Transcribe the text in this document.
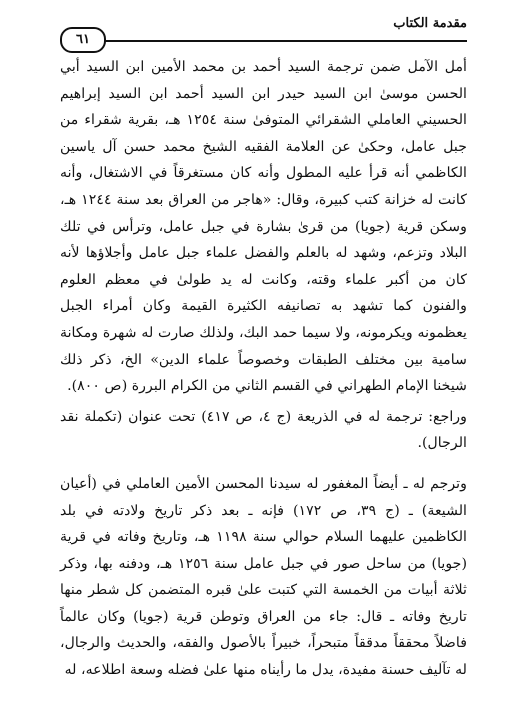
مقدمة الكتاب
٦١

أمل الآمل ضمن ترجمة السيد أحمد بن محمد الأمين ابن السيد أبي الحسن موسىٰ ابن السيد حيدر ابن السيد أحمد ابن السيد إبراهيم الحسيني العاملي الشقرائي المتوفىٰ سنة ١٢٥٤ هـ، بقرية شقراء من جبل عامل، وحكىٰ عن العلامة الفقيه الشيخ محمد حسن آل ياسين الكاظمي أنه قرأ عليه المطول وأنه كان مستغرقاً في الاشتغال، وأنه كانت له خزانة كتب كبيرة، وقال: «هاجر من العراق بعد سنة ١٢٤٤ هـ، وسكن قرية (جويا) من قرىٰ بشارة في جبل عامل، وترأس في تلك البلاد وتزعم، وشهد له بالعلم والفضل علماء جبل عامل وأجلاؤها لأنه كان من أكبر علماء وقته، وكانت له يد طولىٰ في معظم العلوم والفنون كما تشهد به تصانيفه الكثيرة القيمة وكان أمراء الجبل يعظمونه ويكرمونه، ولا سيما حمد البك، ولذلك صارت له شهرة ومكانة سامية بين مختلف الطبقات وخصوصاً علماء الدين» الخ، ذكر ذلك شيخنا الإمام الطهراني في القسم الثاني من الكرام البررة (ص ٨٠٠).

وراجع: ترجمة له في الذريعة (ج ٤، ص ٤١٧) تحت عنوان (تكملة نقد الرجال).

وترجم له ـ أيضاً المغفور له سيدنا المحسن الأمين العاملي في (أعيان الشيعة) ـ (ج ٣٩، ص ١٧٢) فإنه ـ بعد ذكر تاريخ ولادته في بلد الكاظمين عليهما السلام حوالي سنة ١١٩٨ هـ، وتاريخ وفاته في قرية (جويا) من ساحل صور في جبل عامل سنة ١٢٥٦ هـ، ودفنه بها، وذكر ثلاثة أبيات من الخمسة التي كتبت علىٰ قبره المتضمن كل شطر منها تاريخ وفاته ـ قال: جاء من العراق وتوطن قرية (جويا) وكان عالماً فاضلاً محققاً مدققاً متبحراً، خبيراً بالأصول والفقه، والحديث والرجال، له تآليف حسنة مفيدة، يدل ما رأيناه منها علىٰ فضله وسعة اطلاعه، له
